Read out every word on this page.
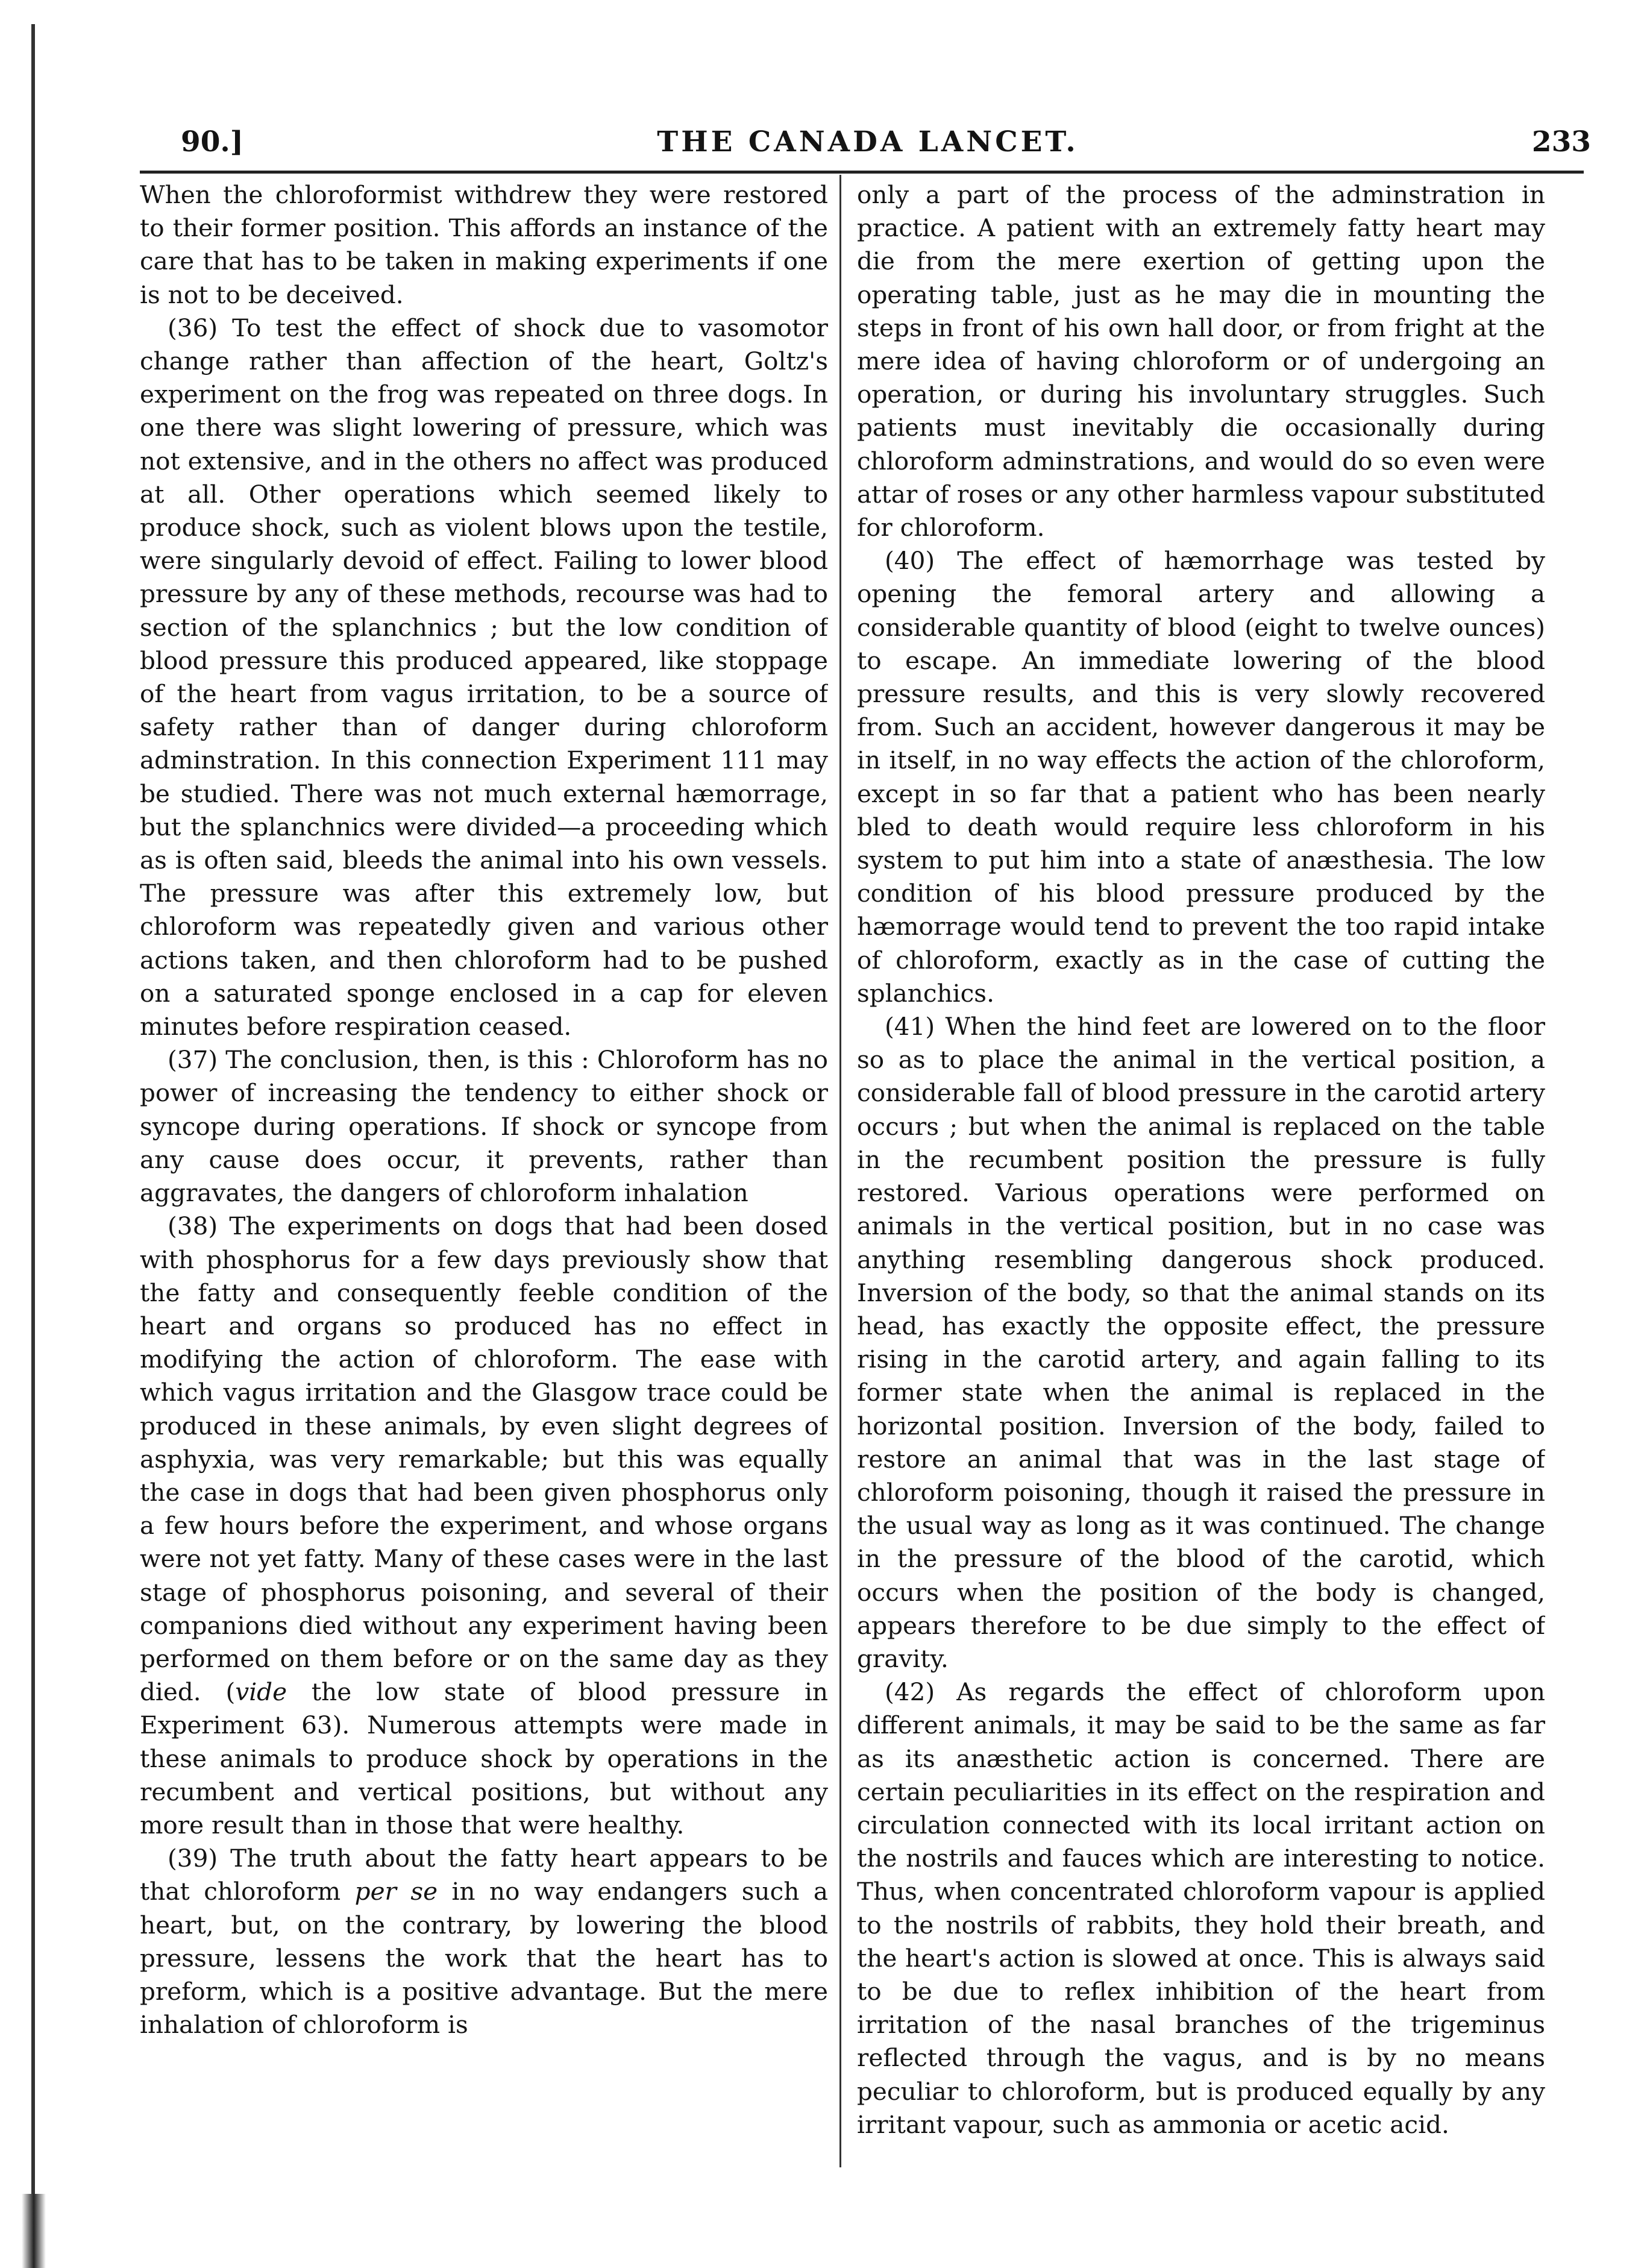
90.]	THE CANADA LANCET.	233

When the chloroformist withdrew they were restored to their former position. This affords an instance of the care that has to be taken in making experiments if one is not to be deceived.

(36) To test the effect of shock due to vasomotor change rather than affection of the heart, Goltz's experiment on the frog was repeated on three dogs. In one there was slight lowering of pressure, which was not extensive, and in the others no affect was produced at all. Other operations which seemed likely to produce shock, such as violent blows upon the testile, were singularly devoid of effect. Failing to lower blood pressure by any of these methods, recourse was had to section of the splanchnics ; but the low condition of blood pressure this produced appeared, like stoppage of the heart from vagus irritation, to be a source of safety rather than of danger during chloroform adminstration. In this connection Experiment 111 may be studied. There was not much external hæmorrage, but the splanchnics were divided—a proceeding which as is often said, bleeds the animal into his own vessels. The pressure was after this extremely low, but chloroform was repeatedly given and various other actions taken, and then chloroform had to be pushed on a saturated sponge enclosed in a cap for eleven minutes before respiration ceased.

(37) The conclusion, then, is this : Chloroform has no power of increasing the tendency to either shock or syncope during operations. If shock or syncope from any cause does occur, it prevents, rather than aggravates, the dangers of chloroform inhalation

(38) The experiments on dogs that had been dosed with phosphorus for a few days previously show that the fatty and consequently feeble condition of the heart and organs so produced has no effect in modifying the action of chloroform. The ease with which vagus irritation and the Glasgow trace could be produced in these animals, by even slight degrees of asphyxia, was very remarkable; but this was equally the case in dogs that had been given phosphorus only a few hours before the experiment, and whose organs were not yet fatty. Many of these cases were in the last stage of phosphorus poisoning, and several of their companions died without any experiment having been performed on them before or on the same day as they died. (vide the low state of blood pressure in Experiment 63). Numerous attempts were made in these animals to produce shock by operations in the recumbent and vertical positions, but without any more result than in those that were healthy.

(39) The truth about the fatty heart appears to be that chloroform per se in no way endangers such a heart, but, on the contrary, by lowering the blood pressure, lessens the work that the heart has to preform, which is a positive advantage. But the mere inhalation of chloroform is

only a part of the process of the adminstration in practice. A patient with an extremely fatty heart may die from the mere exertion of getting upon the operating table, just as he may die in mounting the steps in front of his own hall door, or from fright at the mere idea of having chloroform or of undergoing an operation, or during his involuntary struggles. Such patients must inevitably die occasionally during chloroform adminstrations, and would do so even were attar of roses or any other harmless vapour substituted for chloroform.

(40) The effect of hæmorrhage was tested by opening the femoral artery and allowing a considerable quantity of blood (eight to twelve ounces) to escape. An immediate lowering of the blood pressure results, and this is very slowly recovered from. Such an accident, however dangerous it may be in itself, in no way effects the action of the chloroform, except in so far that a patient who has been nearly bled to death would require less chloroform in his system to put him into a state of anæsthesia. The low condition of his blood pressure produced by the hæmorrage would tend to prevent the too rapid intake of chloroform, exactly as in the case of cutting the splanchics.

(41) When the hind feet are lowered on to the floor so as to place the animal in the vertical position, a considerable fall of blood pressure in the carotid artery occurs ; but when the animal is replaced on the table in the recumbent position the pressure is fully restored. Various operations were performed on animals in the vertical position, but in no case was anything resembling dangerous shock produced. Inversion of the body, so that the animal stands on its head, has exactly the opposite effect, the pressure rising in the carotid artery, and again falling to its former state when the animal is replaced in the horizontal position. Inversion of the body, failed to restore an animal that was in the last stage of chloroform poisoning, though it raised the pressure in the usual way as long as it was continued. The change in the pressure of the blood of the carotid, which occurs when the position of the body is changed, appears therefore to be due simply to the effect of gravity.

(42) As regards the effect of chloroform upon different animals, it may be said to be the same as far as its anæsthetic action is concerned. There are certain peculiarities in its effect on the respiration and circulation connected with its local irritant action on the nostrils and fauces which are interesting to notice. Thus, when concentrated chloroform vapour is applied to the nostrils of rabbits, they hold their breath, and the heart's action is slowed at once. This is always said to be due to reflex inhibition of the heart from irritation of the nasal branches of the trigeminus reflected through the vagus, and is by no means peculiar to chloroform, but is produced equally by any irritant vapour, such as ammonia or acetic acid.
